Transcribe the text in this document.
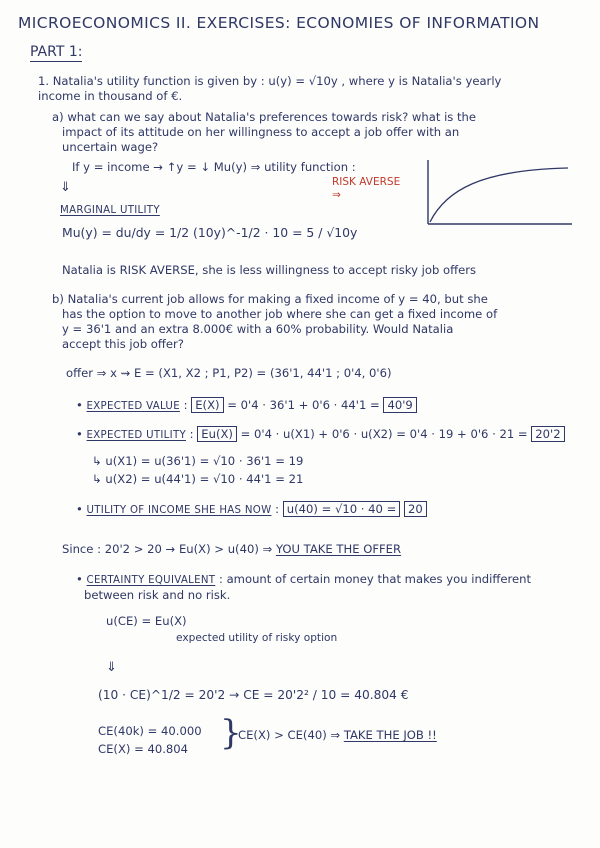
MICROECONOMICS II. EXERCISES: ECONOMIES OF INFORMATION
PART 1:
1. Natalia's utility function is given by : u(y) = √10y , where y is Natalia's yearly
income in thousand of €.
a) what can we say about Natalia's preferences towards risk? what is the
impact of its attitude on her willingness to accept a job offer with an
uncertain wage?
If y = income → ↑y = ↓ Mu(y) ⇒ utility function :
RISK AVERSE ⇒
⇓
MARGINAL UTILITY
Mu(y) = du/dy = 1/2 (10y)^-1/2 · 10 = 5 / √10y
Natalia is RISK AVERSE, she is less willingness to accept risky job offers
b) Natalia's current job allows for making a fixed income of y = 40, but she
has the option to move to another job where she can get a fixed income of
y = 36'1 and an extra 8.000€ with a 60% probability. Would Natalia
accept this job offer?
offer ⇒ x ⇝ E = (X1, X2 ; P1, P2) = (36'1, 44'1 ; 0'4, 0'6)
• EXPECTED VALUE : E(X) = 0'4 · 36'1 + 0'6 · 44'1 = 40'9
• EXPECTED UTILITY : Eu(X) = 0'4 · u(X1) + 0'6 · u(X2) = 0'4 · 19 + 0'6 · 21 = 20'2
↳ u(X1) = u(36'1) = √10 · 36'1 = 19
↳ u(X2) = u(44'1) = √10 · 44'1 = 21
• UTILITY OF INCOME SHE HAS NOW : u(40) = √10 · 40 = 20
Since : 20'2 > 20 → Eu(X) > u(40) ⇒ YOU TAKE THE OFFER
• CERTAINTY EQUIVALENT : amount of certain money that makes you indifferent
between risk and no risk.
u(CE) = Eu(X)
expected utility of risky option
⇓
(10 · CE)^1/2 = 20'2 → CE = 20'2² / 10 = 40.804 €
CE(40k) = 40.000
CE(X) = 40.804 }
CE(X) > CE(40) ⇒ TAKE THE JOB !!
